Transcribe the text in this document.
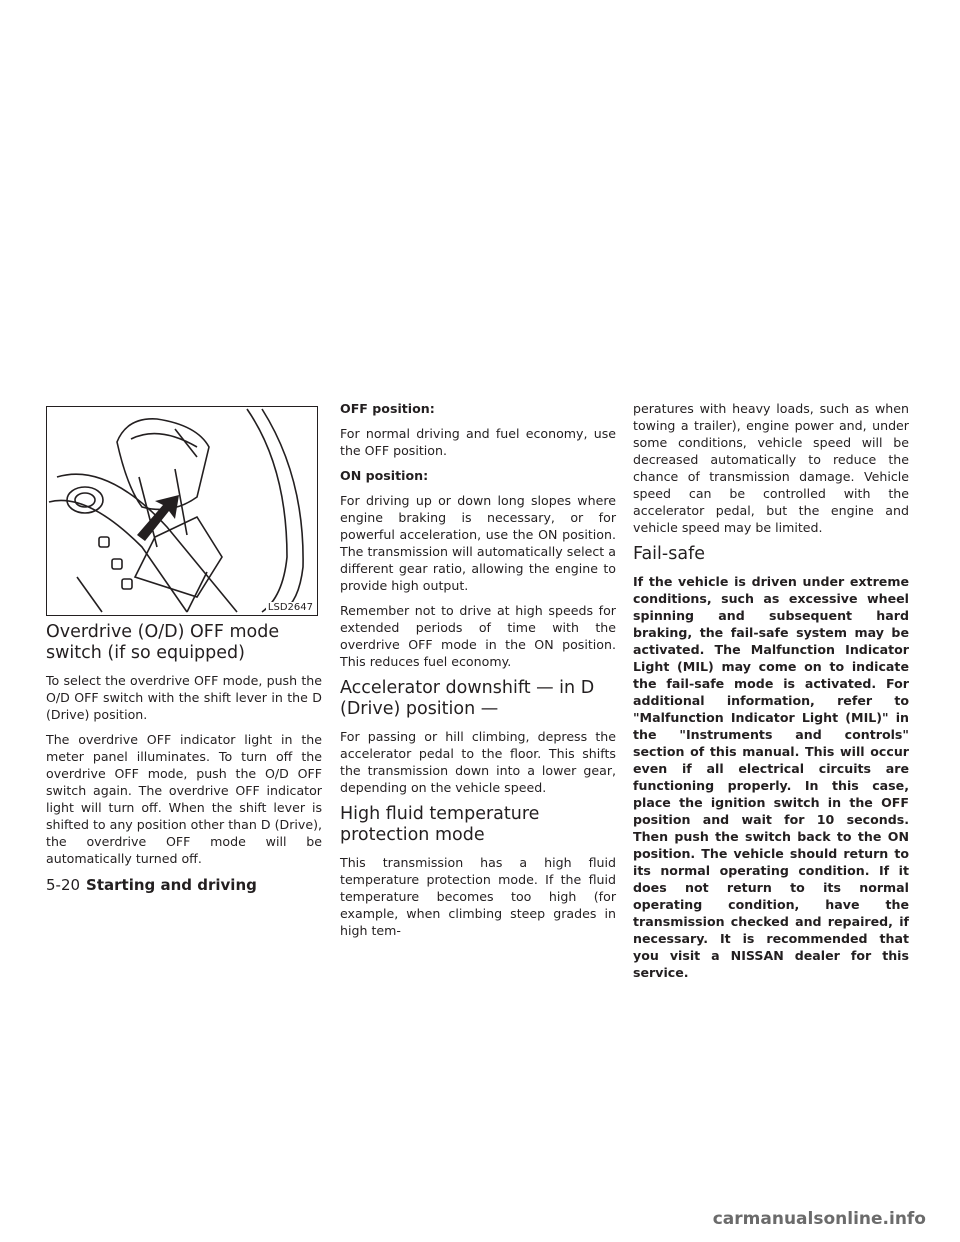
LSD2647
Overdrive (O/D) OFF mode switch (if so equipped)

To select the overdrive OFF mode, push the O/D OFF switch with the shift lever in the D (Drive) position.

The overdrive OFF indicator light in the meter panel illuminates. To turn off the overdrive OFF mode, push the O/D OFF switch again. The overdrive OFF indicator light will turn off. When the shift lever is shifted to any position other than D (Drive), the overdrive OFF mode will be automatically turned off.

OFF position:

For normal driving and fuel economy, use the OFF position.

ON position:

For driving up or down long slopes where engine braking is necessary, or for powerful acceleration, use the ON position. The transmission will automatically select a different gear ratio, allowing the engine to provide high output.

Remember not to drive at high speeds for extended periods of time with the overdrive OFF mode in the ON position. This reduces fuel economy.

Accelerator downshift — in D (Drive) position —

For passing or hill climbing, depress the accelerator pedal to the floor. This shifts the transmission down into a lower gear, depending on the vehicle speed.

High fluid temperature protection mode

This transmission has a high fluid temperature protection mode. If the fluid temperature becomes too high (for example, when climbing steep grades in high tem-

peratures with heavy loads, such as when towing a trailer), engine power and, under some conditions, vehicle speed will be decreased automatically to reduce the chance of transmission damage. Vehicle speed can be controlled with the accelerator pedal, but the engine and vehicle speed may be limited.

Fail-safe

If the vehicle is driven under extreme conditions, such as excessive wheel spinning and subsequent hard braking, the fail-safe system may be activated. The Malfunction Indicator Light (MIL) may come on to indicate the fail-safe mode is activated. For additional information, refer to "Malfunction Indicator Light (MIL)" in the "Instruments and controls" section of this manual. This will occur even if all electrical circuits are functioning properly. In this case, place the ignition switch in the OFF position and wait for 10 seconds. Then push the switch back to the ON position. The vehicle should return to its normal operating condition. If it does not return to its normal operating condition, have the transmission checked and repaired, if necessary. It is recommended that you visit a NISSAN dealer for this service.

5-20 Starting and driving
carmanualsonline.info
